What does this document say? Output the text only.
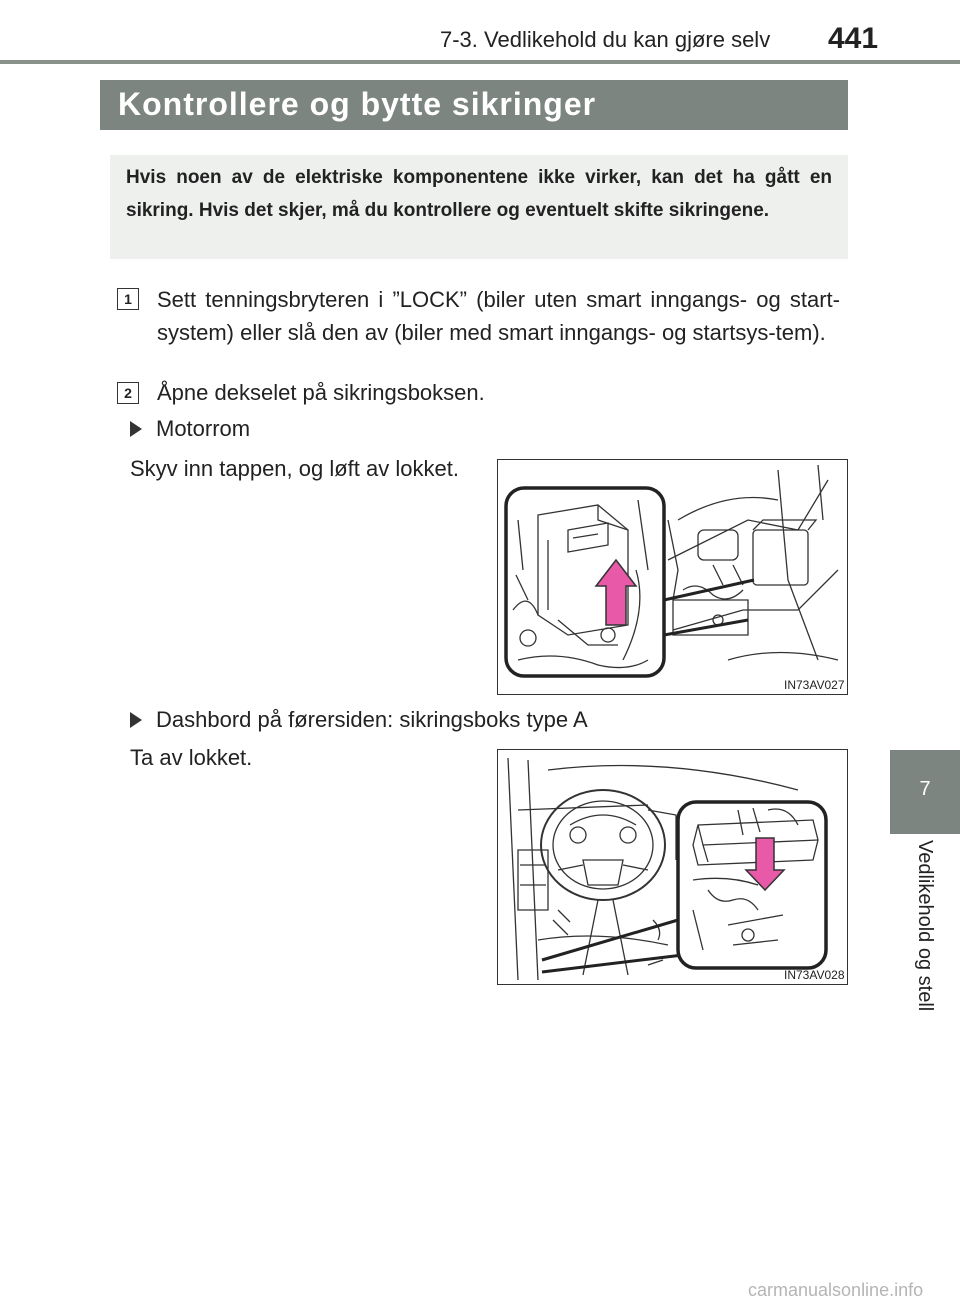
7-3. Vedlikehold du kan gjøre selv 441
7
Vedlikehold og stell
Kontrollere og bytte sikringer
Hvis noen av de elektriske komponentene ikke virker, kan det ha gått en sikring. Hvis det skjer, må du kontrollere og eventuelt skifte sikringene.
1	Sett tenningsbryteren i ”LOCK” (biler uten smart inngangs- og start-system) eller slå den av (biler med smart inngangs- og startsys-tem).
2	Åpne dekselet på sikringsboksen.
Motorrom
Skyv inn tappen, og løft av lokket.
IN73AV027
Dashbord på førersiden: sikringsboks type A
Ta av lokket.
IN73AV028
carmanualsonline.info
